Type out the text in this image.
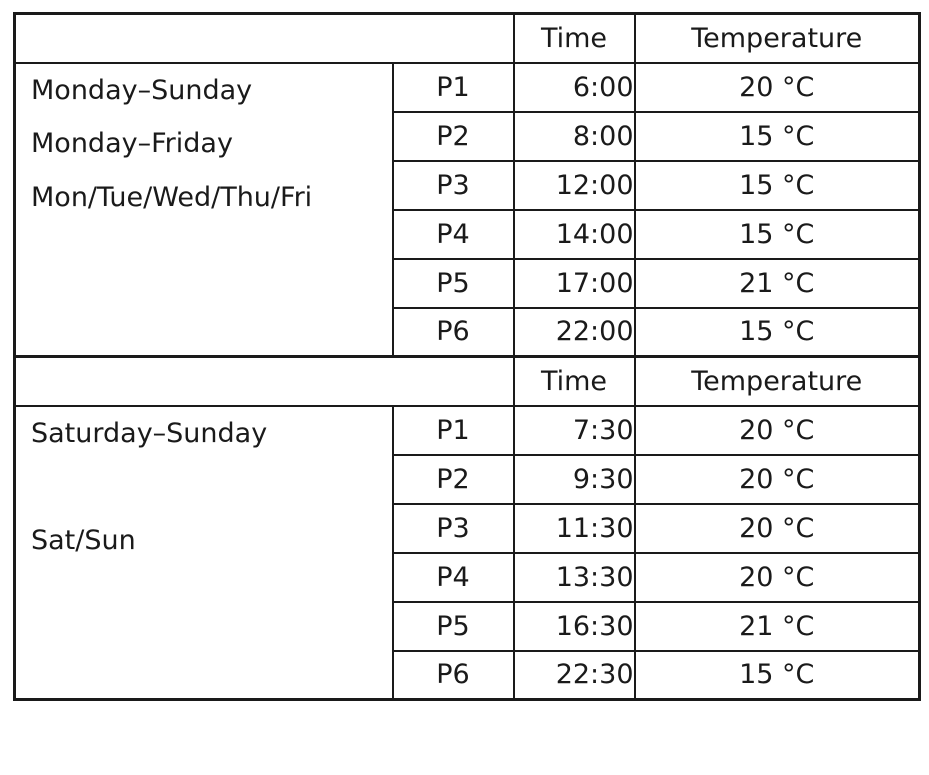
		Time	Temperature

Monday–Sunday
Monday–Friday
Mon/Tue/Wed/Thu/Fri	P1	6:00	20 °C
	P2	8:00	15 °C
	P3	12:00	15 °C
	P4	14:00	15 °C
	P5	17:00	21 °C
	P6	22:00	15 °C
		Time	Temperature

Saturday–Sunday
Sat/Sun	P1	7:30	20 °C
	P2	9:30	20 °C
	P3	11:30	20 °C
	P4	13:30	20 °C
	P5	16:30	21 °C
	P6	22:30	15 °C
